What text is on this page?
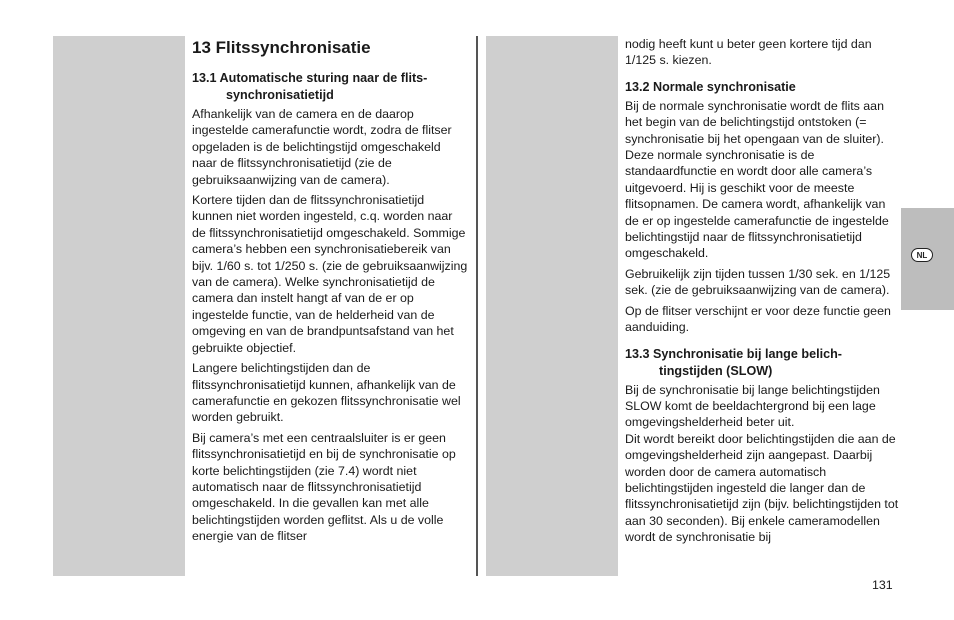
NL
13 Flitssynchronisatie
13.1 Automatische sturing naar de flits-
synchronisatietijd

Afhankelijk van de camera en de daarop ingestelde camerafunctie wordt, zodra de flitser opgeladen is de belichtingstijd omgeschakeld naar de flitssynchronisatietijd (zie de gebruiksaanwijzing van de camera).

Kortere tijden dan de flitssynchronisatietijd kunnen niet worden ingesteld, c.q. worden naar de flitssynchronisatietijd omgeschakeld. Sommige camera’s hebben een synchronisatiebereik van bijv. 1/60 s. tot 1/250 s. (zie de gebruiksaanwijzing van de camera). Welke synchronisatietijd de camera dan instelt hangt af van de er op ingestelde functie, van de helderheid van de omgeving en van de brandpuntsafstand van het gebruikte objectief.

Langere belichtingstijden dan de flitssynchronisatietijd kunnen, afhankelijk van de camerafunctie en gekozen flitssynchronisatie wel worden gebruikt.

Bij camera’s met een centraalsluiter is er geen flitssynchronisatietijd en bij de synchronisatie op korte belichtingstijden (zie 7.4) wordt niet automatisch naar de flitssynchronisatietijd omgeschakeld. In die gevallen kan met alle belichtingstijden worden geflitst. Als u de volle energie van de flitser

nodig heeft kunt u beter geen kortere tijd dan 1/125 s. kiezen.

13.2 Normale synchronisatie

Bij de normale synchronisatie wordt de flits aan het begin van de belichtingstijd ontstoken (= synchronisatie bij het opengaan van de sluiter). Deze normale synchronisatie is de standaardfunctie en wordt door alle camera’s uitgevoerd. Hij is geschikt voor de meeste flitsopnamen. De camera wordt, afhankelijk van de er op ingestelde camerafunctie de ingestelde belichtingstijd naar de flitssynchronisatietijd omgeschakeld.

Gebruikelijk zijn tijden tussen 1/30 sek. en 1/125 sek. (zie de gebruiksaanwijzing van de camera).

Op de flitser verschijnt er voor deze functie geen aanduiding.

13.3 Synchronisatie bij lange belich-
tingstijden (SLOW)

Bij de synchronisatie bij lange belichtingstijden SLOW komt de beeldachtergrond bij een lage omgevingshelderheid beter uit.

Dit wordt bereikt door belichtingstijden die aan de omgevingshelderheid zijn aangepast. Daarbij worden door de camera automatisch belichtingstijden ingesteld die langer dan de flitssynchronisatietijd zijn (bijv. belichtingstijden tot aan 30 seconden). Bij enkele cameramodellen wordt de synchronisatie bij

131
